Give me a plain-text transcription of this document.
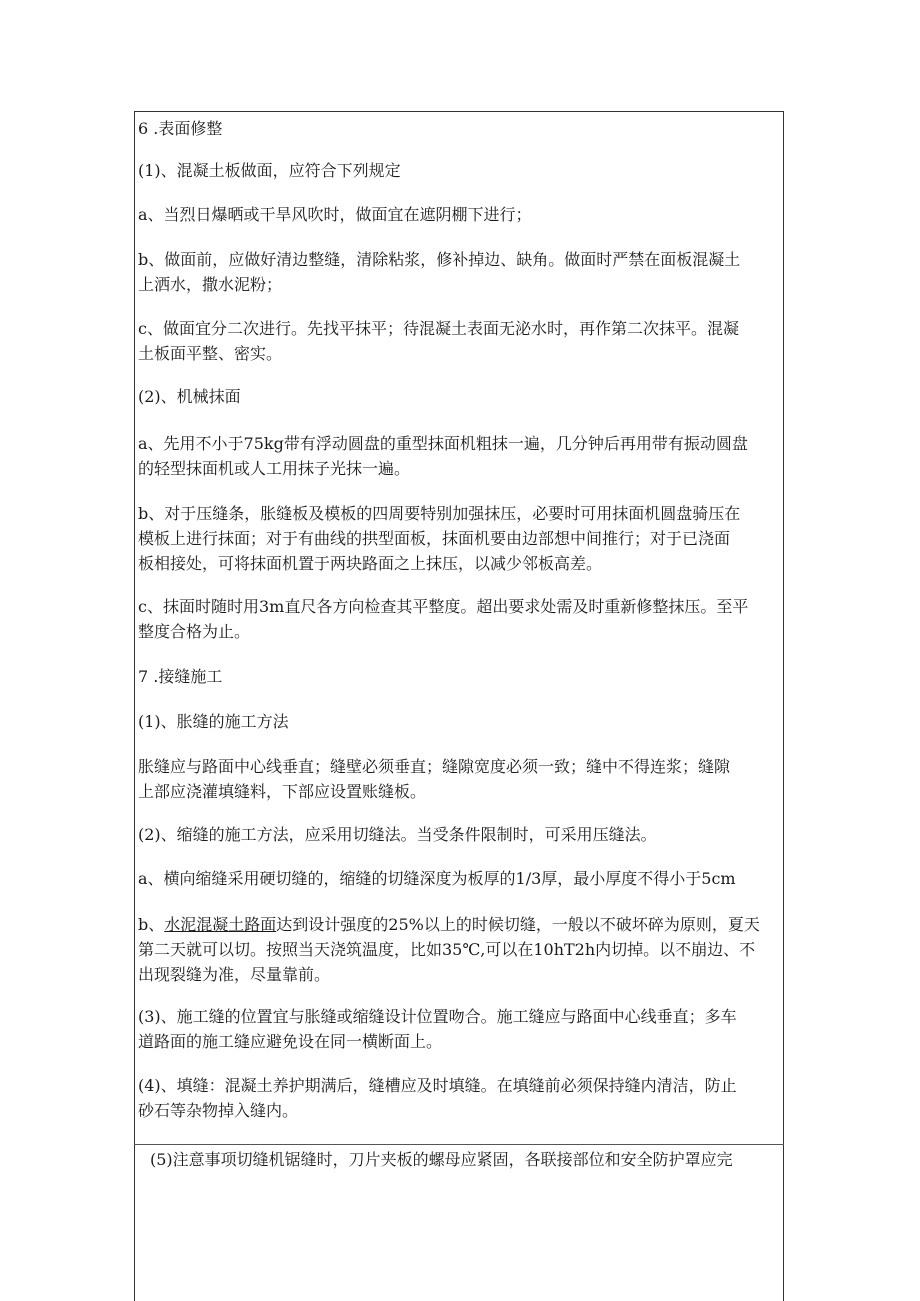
6 .表面修整
(1)、混凝土板做面，应符合下列规定
a、当烈日爆晒或干旱风吹时，做面宜在遮阴棚下进行；
b、做面前，应做好清边整缝，清除粘浆，修补掉边、缺角。做面时严禁在面板混凝土
上洒水，撒水泥粉；
c、做面宜分二次进行。先找平抹平；待混凝土表面无泌水时，再作第二次抹平。混凝
土板面平整、密实。
(2)、机械抹面
a、先用不小于75kg带有浮动圆盘的重型抹面机粗抹一遍，几分钟后再用带有振动圆盘
的轻型抹面机或人工用抹子光抹一遍。
b、对于压缝条，胀缝板及模板的四周要特别加强抹压，必要时可用抹面机圆盘骑压在
模板上进行抹面；对于有曲线的拱型面板，抹面机要由边部想中间推行；对于已浇面
板相接处，可将抹面机置于两块路面之上抹压，以减少邻板高差。
c、抹面时随时用3m直尺各方向检查其平整度。超出要求处需及时重新修整抹压。至平
整度合格为止。
7 .接缝施工
(1)、胀缝的施工方法
胀缝应与路面中心线垂直；缝壁必须垂直；缝隙宽度必须一致；缝中不得连浆；缝隙
上部应浇灌填缝料，下部应设置账缝板。
(2)、缩缝的施工方法，应采用切缝法。当受条件限制时，可采用压缝法。
a、横向缩缝采用硬切缝的，缩缝的切缝深度为板厚的1/3厚，最小厚度不得小于5cm
b、水泥混凝土路面达到设计强度的25%以上的时候切缝，一般以不破坏碎为原则，夏天
第二天就可以切。按照当天浇筑温度，比如35℃,可以在10hT2h内切掉。以不崩边、不
出现裂缝为准，尽量靠前。
(3)、施工缝的位置宜与胀缝或缩缝设计位置吻合。施工缝应与路面中心线垂直；多车
道路面的施工缝应避免设在同一横断面上。
(4)、填缝：混凝土养护期满后，缝槽应及时填缝。在填缝前必须保持缝内清洁，防止
砂石等杂物掉入缝内。
(5)注意事项切缝机锯缝时，刀片夹板的螺母应紧固，各联接部位和安全防护罩应完
